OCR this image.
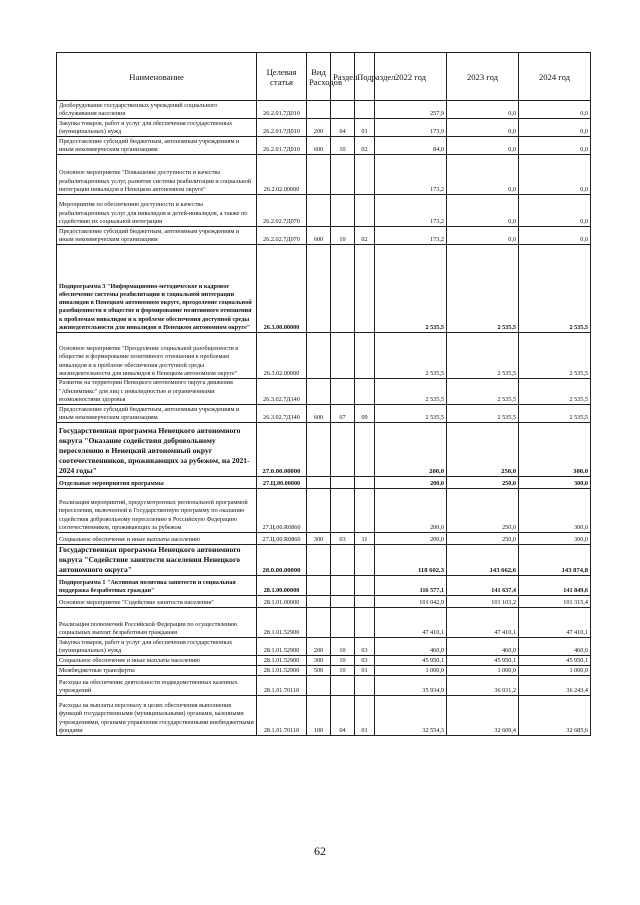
Наименование	Целевая статья	Вид Расходов	Раздел	Подраздел	2022 год	2023 год	2024 год
Дооборудование государственных учреждений социального обслуживания населения	26.2.01.7Д010				257,9	0,0	0,0
Закупка товаров, работ и услуг для обеспечения государственных (муниципальных) нужд	26.2.01.7Д010	200	04	01	173,9	0,0	0,0
Предоставление субсидий бюджетным, автономным учреждениям и иным некоммерческим организациям	26.2.01.7Д010	600	10	02	84,0	0,0	0,0
Основное мероприятие "Повышение доступности и качества реабилитационных услуг, развитие системы реабилитации и социальной интеграции инвалидов в Ненецком автономном округе"	26.2.02.00000				173,2	0,0	0,0
Мероприятия по обеспечению доступности и качества реабилитационных услуг для инвалидов и детей-инвалидов, а также по содействию их социальной интеграции	26.2.02.7Д070				173,2	0,0	0,0
Предоставление субсидий бюджетным, автономным учреждениям и иным некоммерческим организациям	26.2.02.7Д070	600	10	02	173,2	0,0	0,0
Подпрограмма 3 "Информационно-методическое и кадровое обеспечение системы реабилитации и социальной интеграции инвалидов в Ненецком автономном округе, преодоление социальной разобщенности в обществе и формирование позитивного отношения к проблемам инвалидов и к проблеме обеспечения доступной среды жизнедеятельности для инвалидов в Ненецком автономном округе"	26.3.00.00000				2 535,5	2 535,5	2 535,5
Основное мероприятие "Преодоление социальной разобщенности в обществе и формирование позитивного отношения к проблемам инвалидов и к проблеме обеспечения доступной среды жизнедеятельности для инвалидов в Ненецком автономном округе"	26.3.02.00000				2 535,5	2 535,5	2 535,5
Развитие на территории Ненецкого автономного округа движения "Абилимпикс" для лиц с инвалидностью и ограниченными возможностями здоровья	26.3.02.7Д140				2 535,5	2 535,5	2 535,5
Предоставление субсидий бюджетным, автономным учреждениям и иным некоммерческим организациям	26.3.02.7Д140	600	07	09	2 535,5	2 535,5	2 535,5
Государственная программа Ненецкого автономного округа "Оказание содействия добровольному переселению в Ненецкий автономный округ соотечественников, проживающих за рубежом, на 2021-2024 годы"	27.0.00.00000				200,0	250,0	300,0
Отдельные мероприятия программы	27.Ц.00.00000				200,0	250,0	300,0
Реализация мероприятий, предусмотренных региональной программой переселения, включенной в Государственную программу по оказанию содействия добровольному переселению в Российскую Федерацию соотечественников, проживающих за рубежом	27.Ц.00.R0860				200,0	250,0	300,0
Социальное обеспечение и иные выплаты населению	27.Ц.00.R0860	300	03	11	200,0	250,0	300,0
Государственная программа Ненецкого автономного округа "Содействие занятости населения Ненецкого автономного округа"	28.0.00.00000				118 602,3	143 662,6	143 874,8
Подпрограмма 1 "Активная политика занятости и социальная поддержка безработных граждан"	28.1.00.00000				116 577,1	141 637,4	141 849,6
Основное мероприятие "Содействие занятости населения"	28.1.01.00000				101 042,9	101 103,2	101 315,4
Реализация полномочий Российской Федерации по осуществлению социальных выплат безработным гражданам	28.1.01.52900				47 410,1	47 410,1	47 410,1
Закупка товаров, работ и услуг для обеспечения государственных (муниципальных) нужд	28.1.01.52900	200	10	03	460,0	460,0	460,0
Социальное обеспечение и иные выплаты населению	28.1.01.52900	300	10	03	45 950,1	45 950,1	45 950,1
Межбюджетные трансферты	28.1.01.52900	500	10	01	1 000,0	1 000,0	1 000,0
Расходы на обеспечение деятельности подведомственных казенных учреждений	28.1.01.70110				35 934,9	36 031,2	36 243,4
Расходы на выплаты персоналу в целях обеспечения выполнения функций государственными (муниципальными) органами, казенными учреждениями, органами управления государственными внебюджетными фондами	28.1.01.70110	100	04	01	32 554,3	32 609,4	32 685,6
62
